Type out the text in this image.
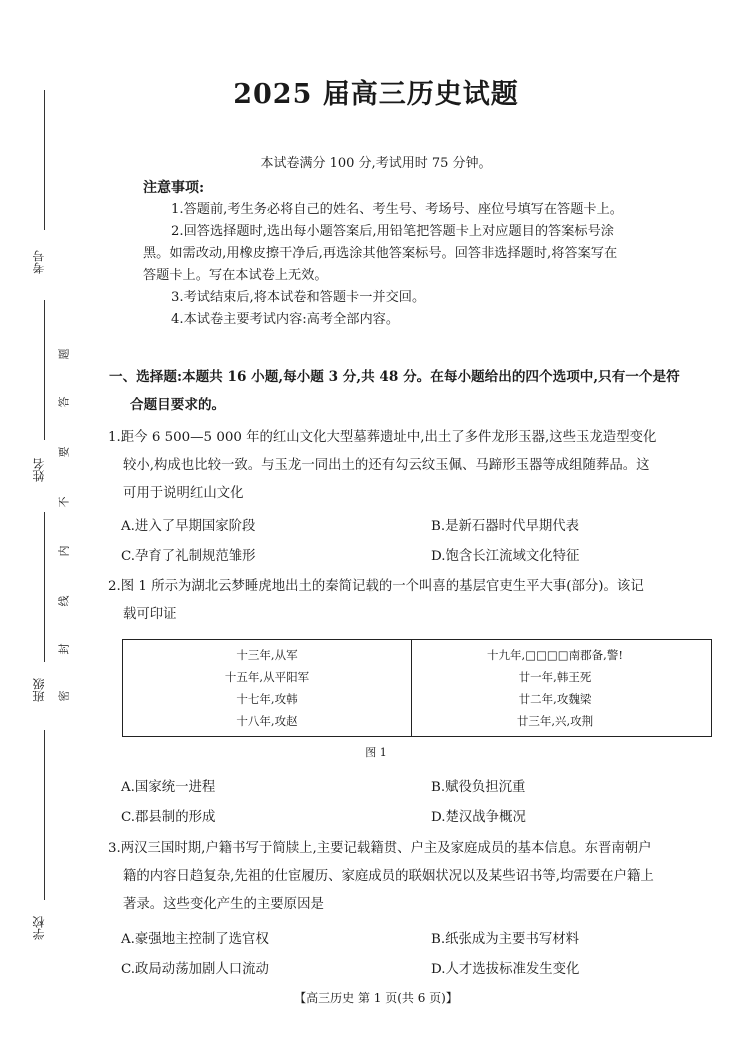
考号
姓名
班级
学校
题
答
要
不
内
线
封
密
2025 届高三历史试题
本试卷满分 100 分,考试用时 75 分钟。
注意事项:
1.答题前,考生务必将自己的姓名、考生号、考场号、座位号填写在答题卡上。
2.回答选择题时,选出每小题答案后,用铅笔把答题卡上对应题目的答案标号涂
黑。如需改动,用橡皮擦干净后,再选涂其他答案标号。回答非选择题时,将答案写在
答题卡上。写在本试卷上无效。
3.考试结束后,将本试卷和答题卡一并交回。
4.本试卷主要考试内容:高考全部内容。
一、选择题:本题共 16 小题,每小题 3 分,共 48 分。在每小题给出的四个选项中,只有一个是符
合题目要求的。
1.距今 6 500—5 000 年的红山文化大型墓葬遗址中,出土了多件龙形玉器,这些玉龙造型变化
较小,构成也比较一致。与玉龙一同出土的还有勾云纹玉佩、马蹄形玉器等成组随葬品。这
可用于说明红山文化
A.进入了早期国家阶段	B.是新石器时代早期代表
C.孕育了礼制规范雏形	D.饱含长江流域文化特征
2.图 1 所示为湖北云梦睡虎地出土的秦简记载的一个叫喜的基层官吏生平大事(部分)。该记
载可印证
十三年,从军
十五年,从平阳军
十七年,攻韩
十八年,攻赵
十九年,□□□□南郡备,警!
廿一年,韩王死
廿二年,攻魏梁
廿三年,兴,攻荆
图 1
A.国家统一进程	B.赋役负担沉重
C.郡县制的形成	D.楚汉战争概况
3.两汉三国时期,户籍书写于简牍上,主要记载籍贯、户主及家庭成员的基本信息。东晋南朝户
籍的内容日趋复杂,先祖的仕宦履历、家庭成员的联姻状况以及某些诏书等,均需要在户籍上
著录。这些变化产生的主要原因是
A.豪强地主控制了选官权	B.纸张成为主要书写材料
C.政局动荡加剧人口流动	D.人才选拔标准发生变化
【高三历史 第 1 页(共 6 页)】
